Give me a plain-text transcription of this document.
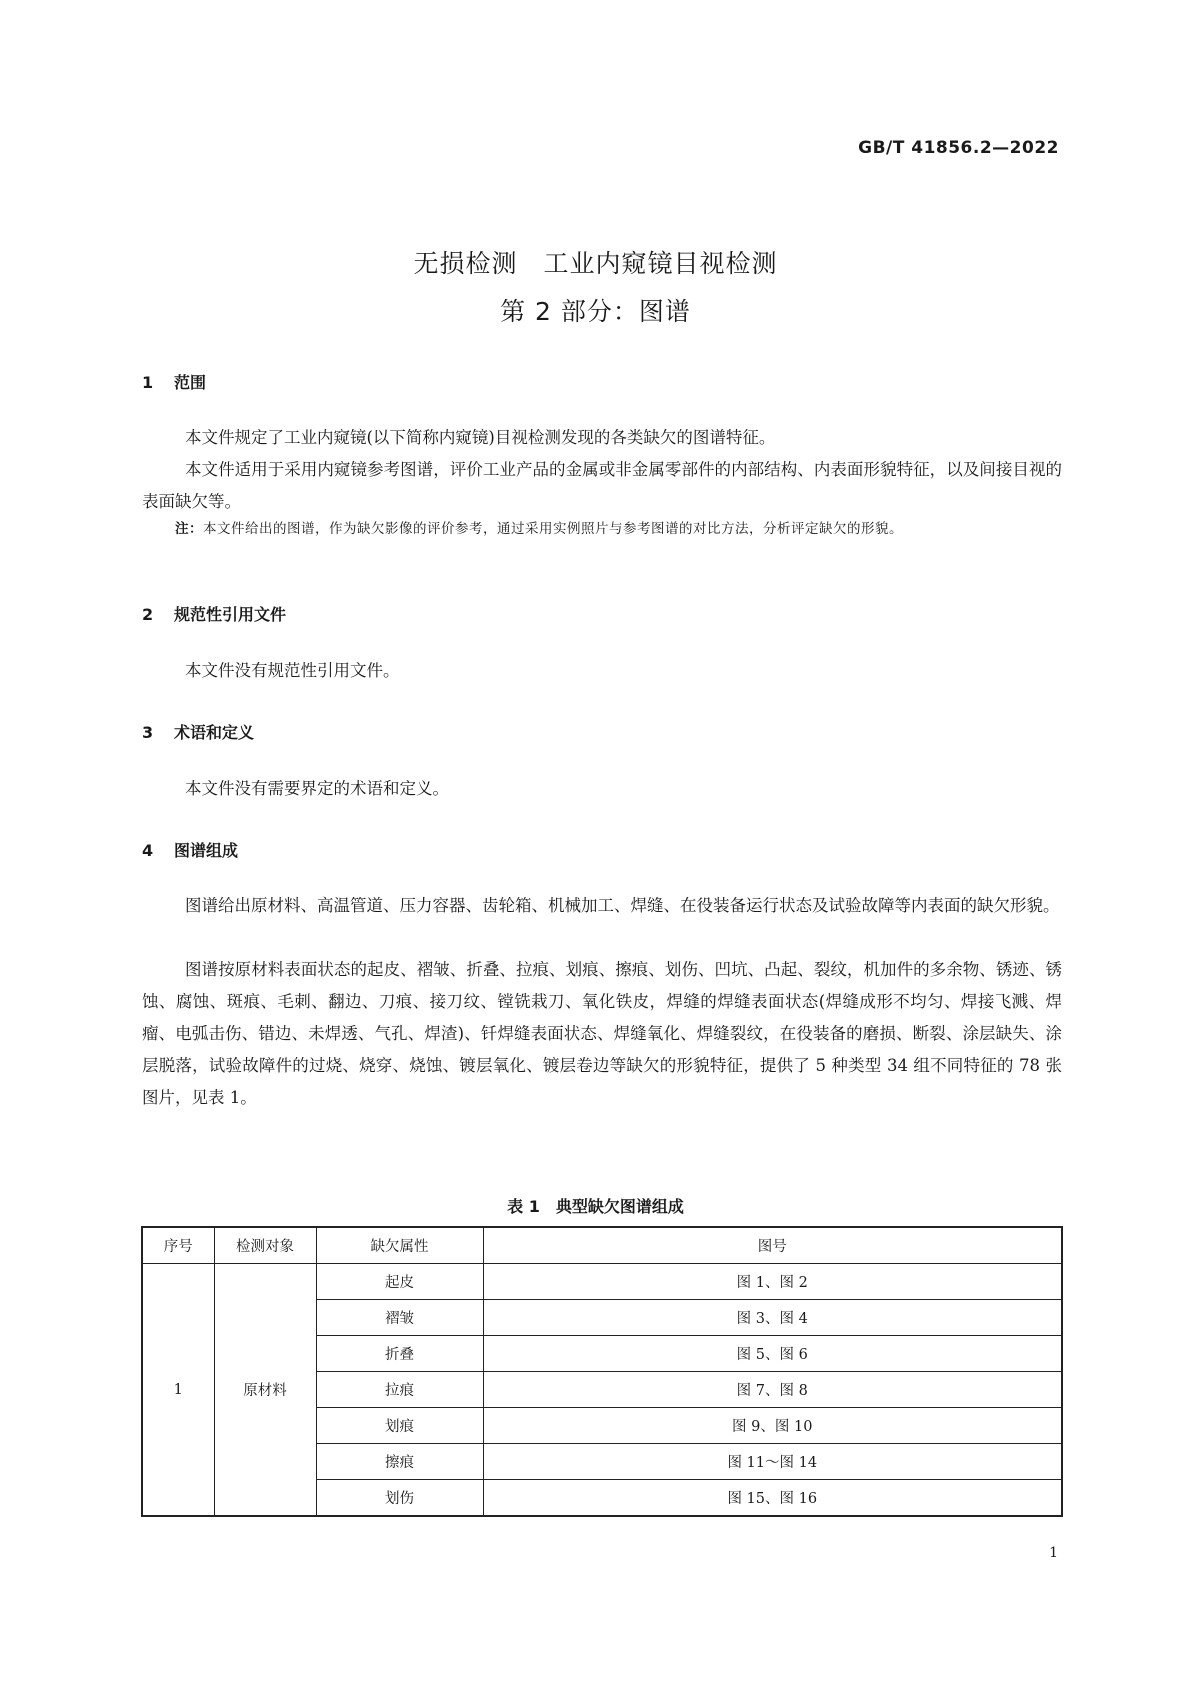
GB/T 41856.2—2022
无损检测　工业内窥镜目视检测
第 2 部分：图谱
1 范围
本文件规定了工业内窥镜(以下简称内窥镜)目视检测发现的各类缺欠的图谱特征。
本文件适用于采用内窥镜参考图谱，评价工业产品的金属或非金属零部件的内部结构、内表面形貌特征，以及间接目视的表面缺欠等。
注：本文件给出的图谱，作为缺欠影像的评价参考，通过采用实例照片与参考图谱的对比方法，分析评定缺欠的形貌。
2 规范性引用文件
本文件没有规范性引用文件。
3 术语和定义
本文件没有需要界定的术语和定义。
4 图谱组成
图谱给出原材料、高温管道、压力容器、齿轮箱、机械加工、焊缝、在役装备运行状态及试验故障等内表面的缺欠形貌。
图谱按原材料表面状态的起皮、褶皱、折叠、拉痕、划痕、擦痕、划伤、凹坑、凸起、裂纹，机加件的多余物、锈迹、锈蚀、腐蚀、斑痕、毛刺、翻边、刀痕、接刀纹、镗铣栽刀、氧化铁皮，焊缝的焊缝表面状态(焊缝成形不均匀、焊接飞溅、焊瘤、电弧击伤、错边、未焊透、气孔、焊渣)、钎焊缝表面状态、焊缝氧化、焊缝裂纹，在役装备的磨损、断裂、涂层缺失、涂层脱落，试验故障件的过烧、烧穿、烧蚀、镀层氧化、镀层卷边等缺欠的形貌特征，提供了 5 种类型 34 组不同特征的 78 张图片，见表 1。
表 1　典型缺欠图谱组成
序号	检测对象	缺欠属性	图号
1	原材料	起皮	图 1、图 2
		褶皱	图 3、图 4
		折叠	图 5、图 6
		拉痕	图 7、图 8
		划痕	图 9、图 10
		擦痕	图 11～图 14
		划伤	图 15、图 16
1
